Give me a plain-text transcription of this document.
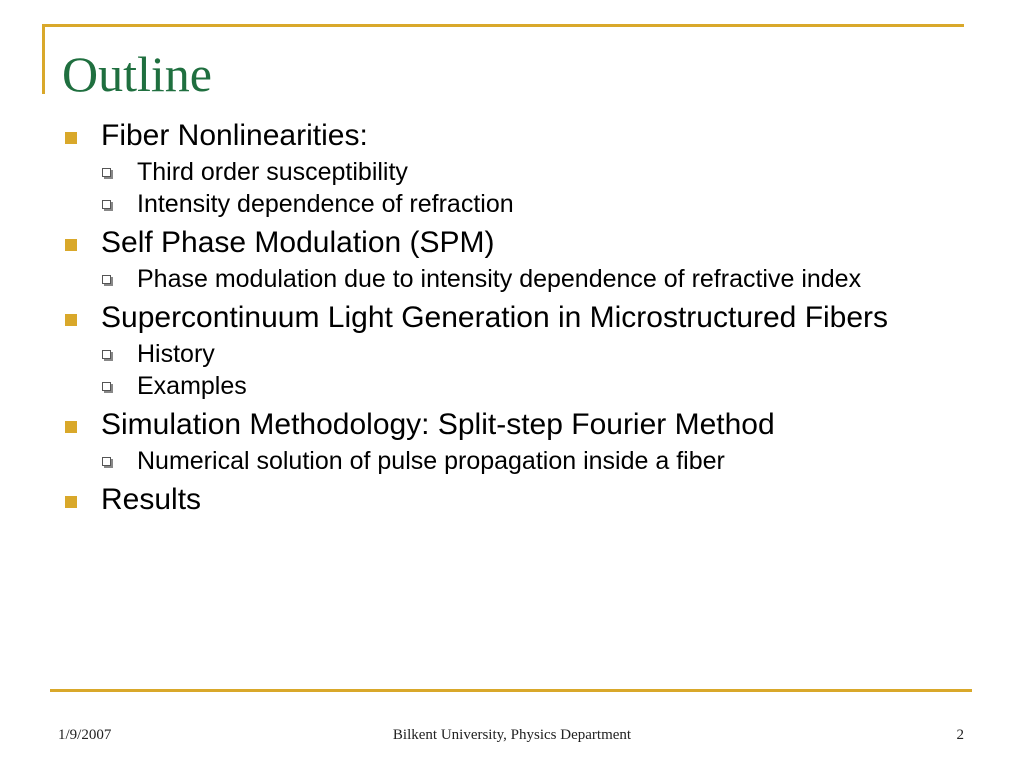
Outline
Fiber Nonlinearities:
Third order susceptibility
Intensity dependence of refraction
Self Phase Modulation (SPM)
Phase modulation due to intensity dependence of refractive index
Supercontinuum Light Generation in Microstructured Fibers
History
Examples
Simulation Methodology: Split-step Fourier Method
Numerical solution of pulse propagation inside a fiber
Results
1/9/2007	Bilkent University, Physics Department	2
